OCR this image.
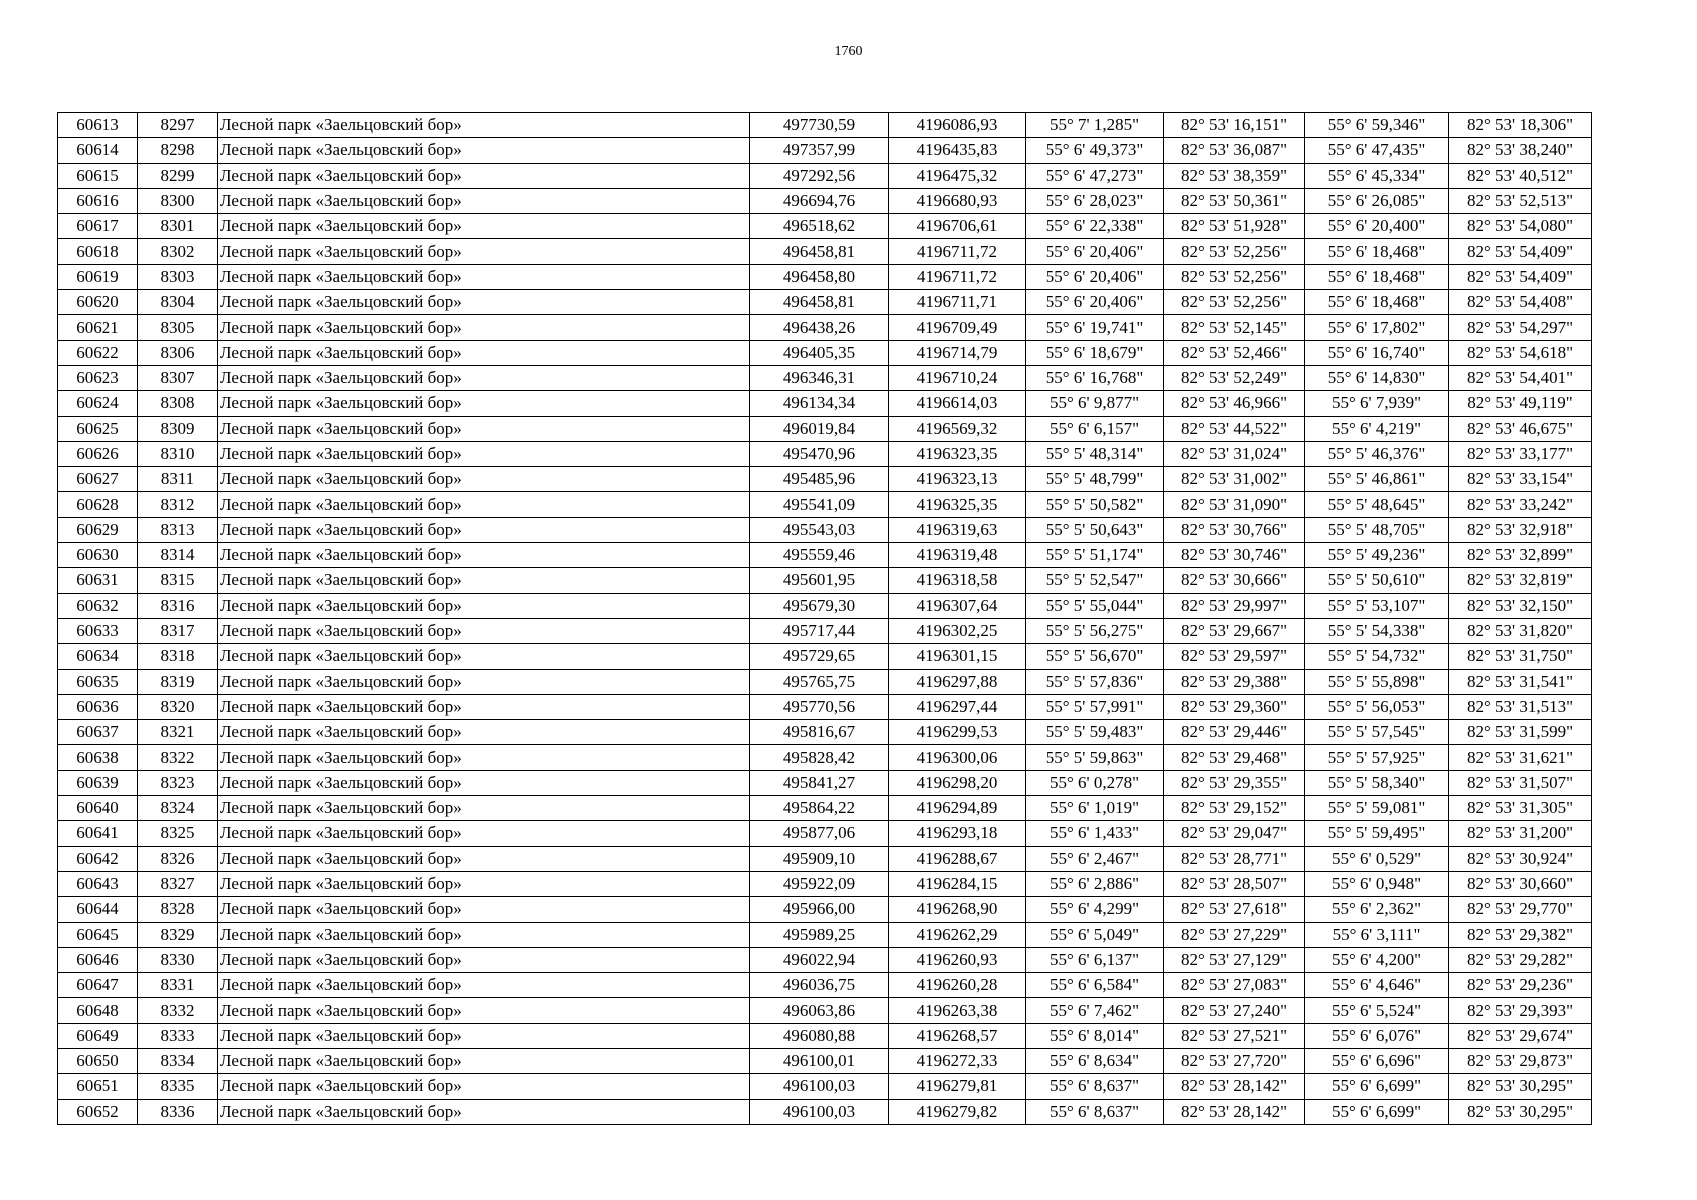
1760
60613	8297	Лесной парк «Заельцовский бор»	497730,59	4196086,93	55° 7' 1,285"	82° 53' 16,151"	55° 6' 59,346"	82° 53' 18,306"
60614	8298	Лесной парк «Заельцовский бор»	497357,99	4196435,83	55° 6' 49,373"	82° 53' 36,087"	55° 6' 47,435"	82° 53' 38,240"
60615	8299	Лесной парк «Заельцовский бор»	497292,56	4196475,32	55° 6' 47,273"	82° 53' 38,359"	55° 6' 45,334"	82° 53' 40,512"
60616	8300	Лесной парк «Заельцовский бор»	496694,76	4196680,93	55° 6' 28,023"	82° 53' 50,361"	55° 6' 26,085"	82° 53' 52,513"
60617	8301	Лесной парк «Заельцовский бор»	496518,62	4196706,61	55° 6' 22,338"	82° 53' 51,928"	55° 6' 20,400"	82° 53' 54,080"
60618	8302	Лесной парк «Заельцовский бор»	496458,81	4196711,72	55° 6' 20,406"	82° 53' 52,256"	55° 6' 18,468"	82° 53' 54,409"
60619	8303	Лесной парк «Заельцовский бор»	496458,80	4196711,72	55° 6' 20,406"	82° 53' 52,256"	55° 6' 18,468"	82° 53' 54,409"
60620	8304	Лесной парк «Заельцовский бор»	496458,81	4196711,71	55° 6' 20,406"	82° 53' 52,256"	55° 6' 18,468"	82° 53' 54,408"
60621	8305	Лесной парк «Заельцовский бор»	496438,26	4196709,49	55° 6' 19,741"	82° 53' 52,145"	55° 6' 17,802"	82° 53' 54,297"
60622	8306	Лесной парк «Заельцовский бор»	496405,35	4196714,79	55° 6' 18,679"	82° 53' 52,466"	55° 6' 16,740"	82° 53' 54,618"
60623	8307	Лесной парк «Заельцовский бор»	496346,31	4196710,24	55° 6' 16,768"	82° 53' 52,249"	55° 6' 14,830"	82° 53' 54,401"
60624	8308	Лесной парк «Заельцовский бор»	496134,34	4196614,03	55° 6' 9,877"	82° 53' 46,966"	55° 6' 7,939"	82° 53' 49,119"
60625	8309	Лесной парк «Заельцовский бор»	496019,84	4196569,32	55° 6' 6,157"	82° 53' 44,522"	55° 6' 4,219"	82° 53' 46,675"
60626	8310	Лесной парк «Заельцовский бор»	495470,96	4196323,35	55° 5' 48,314"	82° 53' 31,024"	55° 5' 46,376"	82° 53' 33,177"
60627	8311	Лесной парк «Заельцовский бор»	495485,96	4196323,13	55° 5' 48,799"	82° 53' 31,002"	55° 5' 46,861"	82° 53' 33,154"
60628	8312	Лесной парк «Заельцовский бор»	495541,09	4196325,35	55° 5' 50,582"	82° 53' 31,090"	55° 5' 48,645"	82° 53' 33,242"
60629	8313	Лесной парк «Заельцовский бор»	495543,03	4196319,63	55° 5' 50,643"	82° 53' 30,766"	55° 5' 48,705"	82° 53' 32,918"
60630	8314	Лесной парк «Заельцовский бор»	495559,46	4196319,48	55° 5' 51,174"	82° 53' 30,746"	55° 5' 49,236"	82° 53' 32,899"
60631	8315	Лесной парк «Заельцовский бор»	495601,95	4196318,58	55° 5' 52,547"	82° 53' 30,666"	55° 5' 50,610"	82° 53' 32,819"
60632	8316	Лесной парк «Заельцовский бор»	495679,30	4196307,64	55° 5' 55,044"	82° 53' 29,997"	55° 5' 53,107"	82° 53' 32,150"
60633	8317	Лесной парк «Заельцовский бор»	495717,44	4196302,25	55° 5' 56,275"	82° 53' 29,667"	55° 5' 54,338"	82° 53' 31,820"
60634	8318	Лесной парк «Заельцовский бор»	495729,65	4196301,15	55° 5' 56,670"	82° 53' 29,597"	55° 5' 54,732"	82° 53' 31,750"
60635	8319	Лесной парк «Заельцовский бор»	495765,75	4196297,88	55° 5' 57,836"	82° 53' 29,388"	55° 5' 55,898"	82° 53' 31,541"
60636	8320	Лесной парк «Заельцовский бор»	495770,56	4196297,44	55° 5' 57,991"	82° 53' 29,360"	55° 5' 56,053"	82° 53' 31,513"
60637	8321	Лесной парк «Заельцовский бор»	495816,67	4196299,53	55° 5' 59,483"	82° 53' 29,446"	55° 5' 57,545"	82° 53' 31,599"
60638	8322	Лесной парк «Заельцовский бор»	495828,42	4196300,06	55° 5' 59,863"	82° 53' 29,468"	55° 5' 57,925"	82° 53' 31,621"
60639	8323	Лесной парк «Заельцовский бор»	495841,27	4196298,20	55° 6' 0,278"	82° 53' 29,355"	55° 5' 58,340"	82° 53' 31,507"
60640	8324	Лесной парк «Заельцовский бор»	495864,22	4196294,89	55° 6' 1,019"	82° 53' 29,152"	55° 5' 59,081"	82° 53' 31,305"
60641	8325	Лесной парк «Заельцовский бор»	495877,06	4196293,18	55° 6' 1,433"	82° 53' 29,047"	55° 5' 59,495"	82° 53' 31,200"
60642	8326	Лесной парк «Заельцовский бор»	495909,10	4196288,67	55° 6' 2,467"	82° 53' 28,771"	55° 6' 0,529"	82° 53' 30,924"
60643	8327	Лесной парк «Заельцовский бор»	495922,09	4196284,15	55° 6' 2,886"	82° 53' 28,507"	55° 6' 0,948"	82° 53' 30,660"
60644	8328	Лесной парк «Заельцовский бор»	495966,00	4196268,90	55° 6' 4,299"	82° 53' 27,618"	55° 6' 2,362"	82° 53' 29,770"
60645	8329	Лесной парк «Заельцовский бор»	495989,25	4196262,29	55° 6' 5,049"	82° 53' 27,229"	55° 6' 3,111"	82° 53' 29,382"
60646	8330	Лесной парк «Заельцовский бор»	496022,94	4196260,93	55° 6' 6,137"	82° 53' 27,129"	55° 6' 4,200"	82° 53' 29,282"
60647	8331	Лесной парк «Заельцовский бор»	496036,75	4196260,28	55° 6' 6,584"	82° 53' 27,083"	55° 6' 4,646"	82° 53' 29,236"
60648	8332	Лесной парк «Заельцовский бор»	496063,86	4196263,38	55° 6' 7,462"	82° 53' 27,240"	55° 6' 5,524"	82° 53' 29,393"
60649	8333	Лесной парк «Заельцовский бор»	496080,88	4196268,57	55° 6' 8,014"	82° 53' 27,521"	55° 6' 6,076"	82° 53' 29,674"
60650	8334	Лесной парк «Заельцовский бор»	496100,01	4196272,33	55° 6' 8,634"	82° 53' 27,720"	55° 6' 6,696"	82° 53' 29,873"
60651	8335	Лесной парк «Заельцовский бор»	496100,03	4196279,81	55° 6' 8,637"	82° 53' 28,142"	55° 6' 6,699"	82° 53' 30,295"
60652	8336	Лесной парк «Заельцовский бор»	496100,03	4196279,82	55° 6' 8,637"	82° 53' 28,142"	55° 6' 6,699"	82° 53' 30,295"
